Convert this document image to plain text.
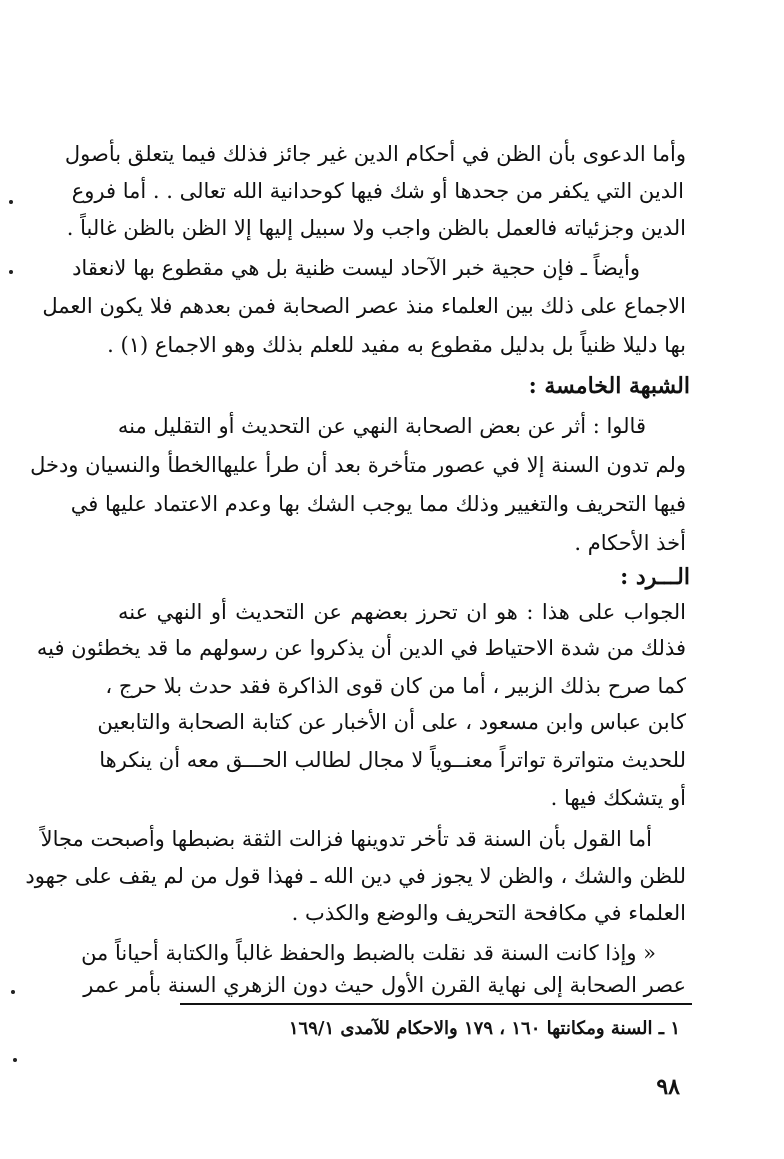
وأما الدعوى بأن الظن في أحكام الدين غير جائز فذلك فيما يتعلق بأصول
الدين التي يكفر من جحدها أو شك فيها كوحدانية الله تعالى . . أما فروع
الدين وجزئياته فالعمل بالظن واجب ولا سبيل إليها إلا الظن بالظن غالباً .
وأيضاً ـ فإن حجية خبر الآحاد ليست ظنية بل هي مقطوع بها لانعقاد
الاجماع على ذلك بين العلماء منذ عصر الصحابة فمن بعدهم فلا يكون العمل
بها دليلا ظنياً بل بدليل مقطوع به مفيد للعلم بذلك وهو الاجماع (١) .
الشبهة الخامسة :
قالوا : أثر عن بعض الصحابة النهي عن التحديث أو التقليل منه
ولم تدون السنة إلا في عصور متأخرة بعد أن طرأ عليهاالخطأ والنسيان ودخل
فيها التحريف والتغيير وذلك مما يوجب الشك بها وعدم الاعتماد عليها في
أخذ الأحكام .
الـــرد :
الجواب على هذا : هو ان تحرز بعضهم عن التحديث أو النهي عنه
فذلك من شدة الاحتياط في الدين أن يذكروا عن رسولهم ما قد يخطئون فيه
كما صرح بذلك الزبير ، أما من كان قوى الذاكرة فقد حدث بلا حرج ،
كابن عباس وابن مسعود ، على أن الأخبار عن كتابة الصحابة والتابعين
للحديث متواترة تواتراً معنــوياً لا مجال لطالب الحـــق معه أن ينكرها
أو يتشكك فيها .
أما القول بأن السنة قد تأخر تدوينها فزالت الثقة بضبطها وأصبحت مجالاً
للظن والشك ، والظن لا يجوز في دين الله ـ فهذا قول من لم يقف على جهود
العلماء في مكافحة التحريف والوضع والكذب .
« وإذا كانت السنة قد نقلت بالضبط والحفظ غالباً والكتابة أحياناً من
عصر الصحابة إلى نهاية القرن الأول حيث دون الزهري السنة بأمر عمر
١ ـ السنة ومكانتها ١٦٠ ، ١٧٩ والاحكام للآمدى ١٦٩/١
٩٨
